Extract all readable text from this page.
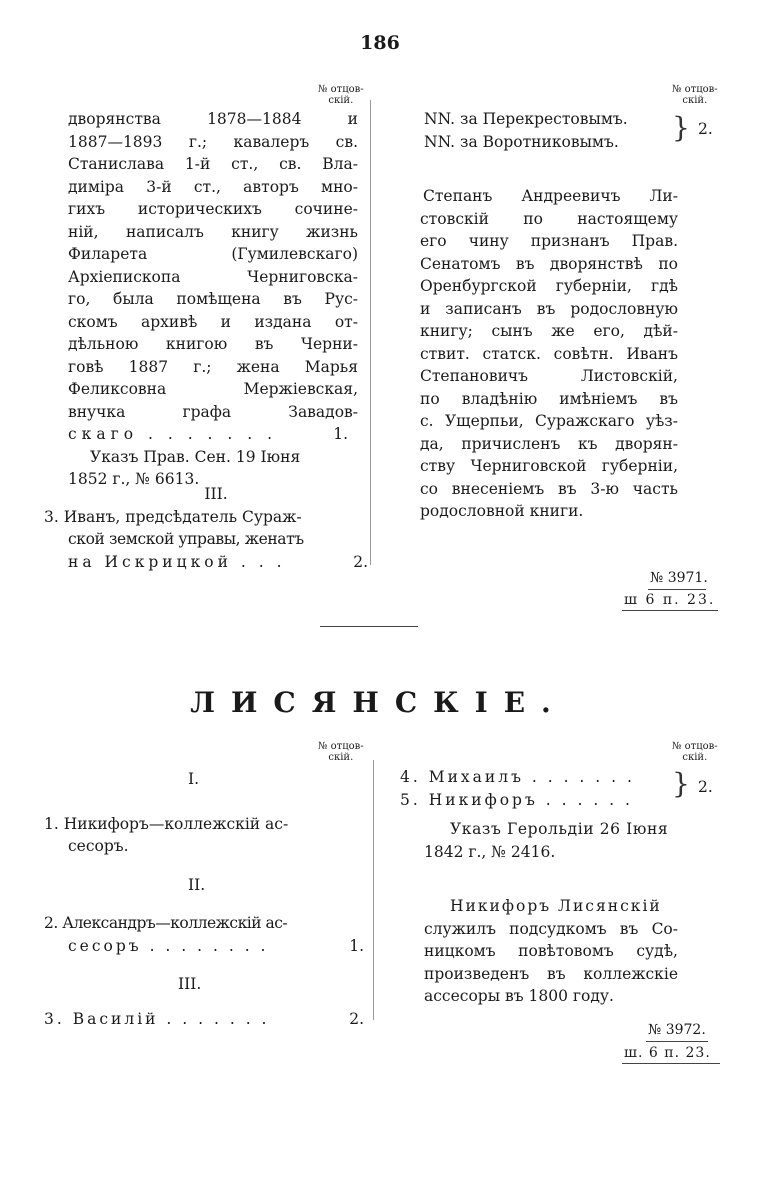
186
№ отцов-
скій.
№ отцов-
скій.
№ отцов-
скій.
№ отцов-
скій.
дворянства 1878—1884 и
1887—1893 г.; кавалеръ св.
Станислава 1-й ст., св. Вла-
диміра 3-й ст., авторъ мно-
гихъ историческихъ сочине-
ній, написалъ книгу жизнь
Филарета (Гумилевскаго)
Архіепископа Черниговска-
го, была помѣщена въ Рус-
скомъ архивѣ и издана от-
дѣльною книгою въ Черни-
говѣ 1887 г.; жена Марья
Феликсовна Мержіевская,
внучка графа Завадов-
скаго . . . . . . .	1.
Указъ Прав. Сен. 19 Іюня
1852 г., № 6613.
III.
3. Иванъ, предсѣдатель Сураж-
ской земской управы, женатъ
на Искрицкой . . .	2.
NN. за Перекрестовымъ.
NN. за Воротниковымъ.	} 2.
Степанъ Андреевичъ Ли-
стовскій по настоящему
его чину признанъ Прав.
Сенатомъ въ дворянствѣ по
Оренбургской губерніи, гдѣ
и записанъ въ родословную
книгу; сынъ же его, дѣй-
ствит. статск. совѣтн. Иванъ
Степановичъ Листовскій,
по владѣнію имѣніемъ въ
с. Ущерпьи, Суражскаго уѣз-
да, причисленъ къ дворян-
ству Черниговской губерніи,
со внесеніемъ въ 3-ю часть
родословной книги.
№ 3971.
ш 6 п. 23.
ЛИСЯНСКІЕ.
I.
1. Никифоръ—коллежскій ас-
сесоръ.
II.
2. Александръ—коллежскій ас-
сесоръ . . . . . . . .	1.
III.
3. Василій . . . . . . .	2.
4. Михаилъ . . . . . . .
5. Никифоръ . . . . . .	} 2.
Указъ Герольдіи 26 Іюня
1842 г., № 2416.
Никифоръ Лисянскій
служилъ подсудкомъ въ Со-
ницкомъ повѣтовомъ судѣ,
произведенъ въ коллежскіе
ассесоры въ 1800 году.
№ 3972.
ш. 6 п. 23.
